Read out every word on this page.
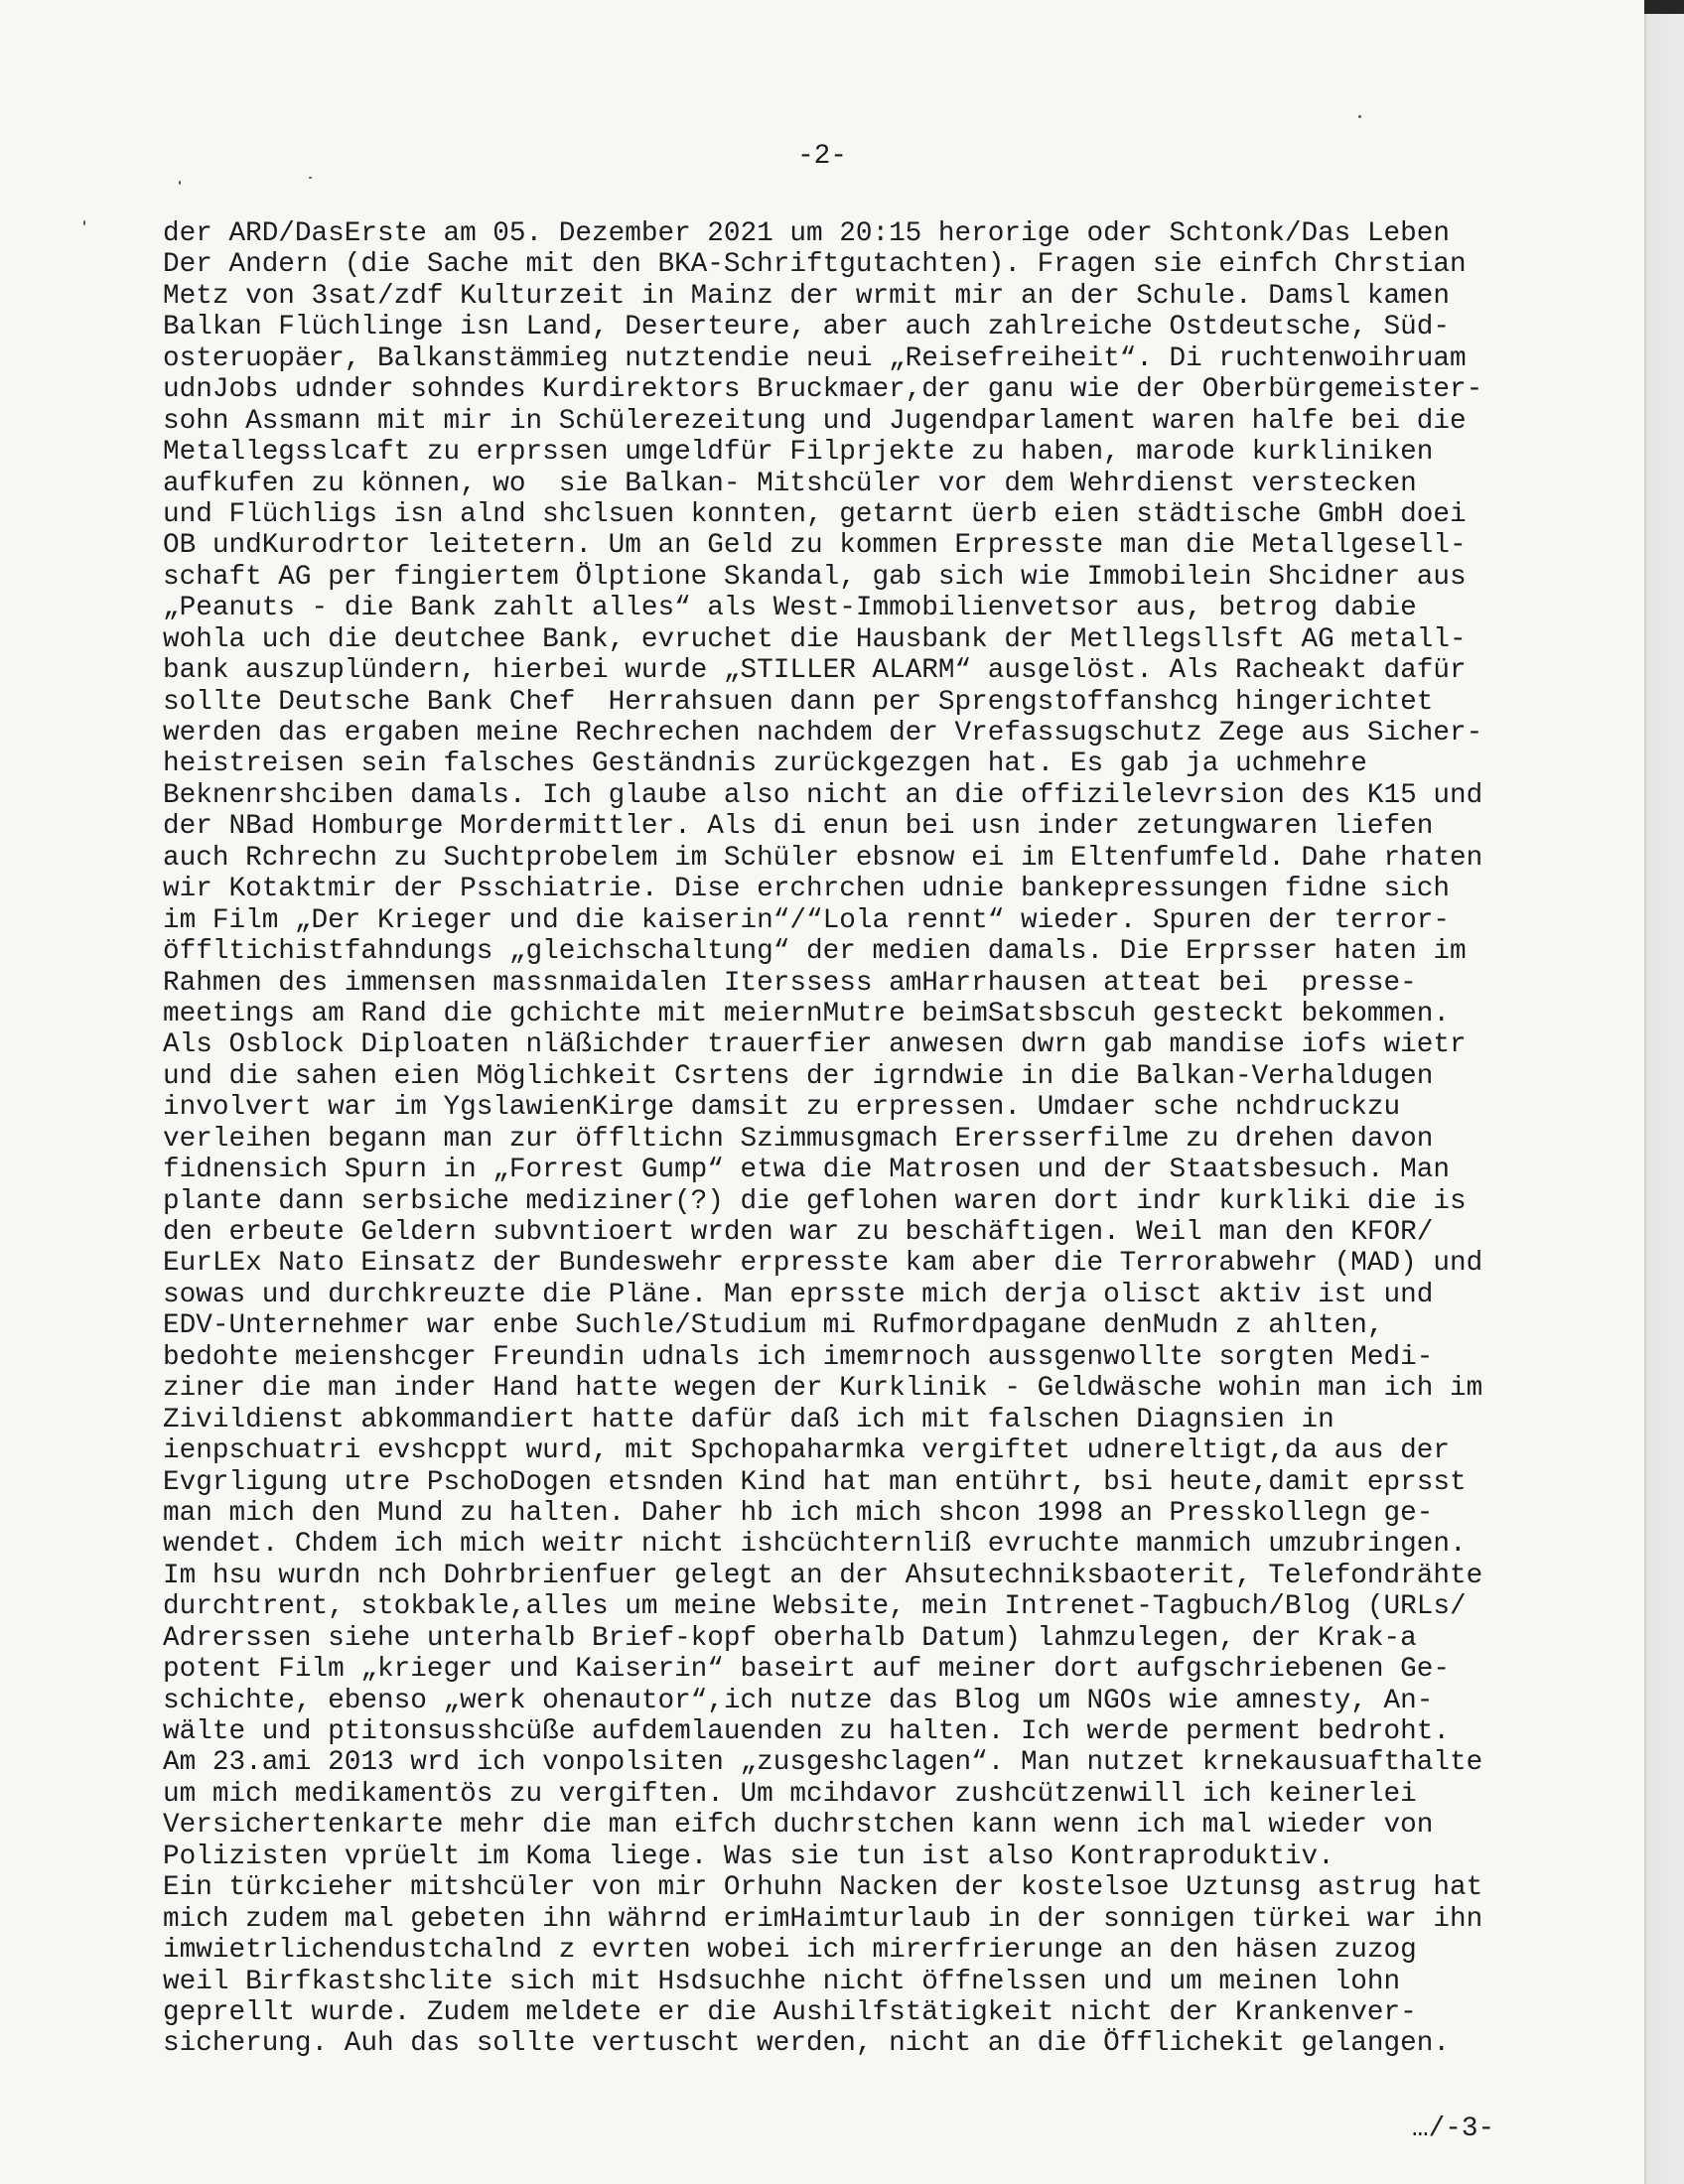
-2-
der ARD/DasErste am 05. Dezember 2021 um 20:15 herorige oder Schtonk/Das Leben
Der Andern (die Sache mit den BKA-Schriftgutachten). Fragen sie einfch Chrstian
Metz von 3sat/zdf Kulturzeit in Mainz der wrmit mir an der Schule. Damsl kamen
Balkan Flüchlinge isn Land, Deserteure, aber auch zahlreiche Ostdeutsche, Süd-
osteruopäer, Balkanstämmieg nutztendie neui „Reisefreiheit“. Di ruchtenwoihruam
udnJobs udnder sohndes Kurdirektors Bruckmaer,der ganu wie der Oberbürgemeister-
sohn Assmann mit mir in Schülerezeitung und Jugendparlament waren halfe bei die
Metallegsslcaft zu erprssen umgeldfür Filprjekte zu haben, marode kurkliniken
aufkufen zu können, wo  sie Balkan- Mitshcüler vor dem Wehrdienst verstecken
und Flüchligs isn alnd shclsuen konnten, getarnt üerb eien städtische GmbH doei
OB undKurodrtor leitetern. Um an Geld zu kommen Erpresste man die Metallgesell-
schaft AG per fingiertem Ölptione Skandal, gab sich wie Immobilein Shcidner aus
„Peanuts - die Bank zahlt alles“ als West-Immobilienvetsor aus, betrog dabie
wohla uch die deutchee Bank, evruchet die Hausbank der Metllegsllsft AG metall-
bank auszuplündern, hierbei wurde „STILLER ALARM“ ausgelöst. Als Racheakt dafür
sollte Deutsche Bank Chef  Herrahsuen dann per Sprengstoffanshcg hingerichtet
werden das ergaben meine Rechrechen nachdem der Vrefassugschutz Zege aus Sicher-
heistreisen sein falsches Geständnis zurückgezgen hat. Es gab ja uchmehre
Beknenrshciben damals. Ich glaube also nicht an die offizilelevrsion des K15 und
der NBad Homburge Mordermittler. Als di enun bei usn inder zetungwaren liefen
auch Rchrechn zu Suchtprobelem im Schüler ebsnow ei im Eltenfumfeld. Dahe rhaten
wir Kotaktmir der Psschiatrie. Dise erchrchen udnie bankepressungen fidne sich
im Film „Der Krieger und die kaiserin“/“Lola rennt“ wieder. Spuren der terror-
öffltichistfahndungs „gleichschaltung“ der medien damals. Die Erprsser haten im
Rahmen des immensen massnmaidalen Iterssess amHarrhausen atteat bei  presse-
meetings am Rand die gchichte mit meiernMutre beimSatsbscuh gesteckt bekommen.
Als Osblock Diploaten nläßichder trauerfier anwesen dwrn gab mandise iofs wietr
und die sahen eien Möglichkeit Csrtens der igrndwie in die Balkan-Verhaldugen
involvert war im YgslawienKirge damsit zu erpressen. Umdaer sche nchdruckzu
verleihen begann man zur öffltichn Szimmusgmach Erersserfilme zu drehen davon
fidnensich Spurn in „Forrest Gump“ etwa die Matrosen und der Staatsbesuch. Man
plante dann serbsiche mediziner(?) die geflohen waren dort indr kurkliki die is
den erbeute Geldern subvntioert wrden war zu beschäftigen. Weil man den KFOR/
EurLEx Nato Einsatz der Bundeswehr erpresste kam aber die Terrorabwehr (MAD) und
sowas und durchkreuzte die Pläne. Man eprsste mich derja olisct aktiv ist und
EDV-Unternehmer war enbe Suchle/Studium mi Rufmordpagane denMudn z ahlten,
bedohte meienshcger Freundin udnals ich imemrnoch aussgenwollte sorgten Medi-
ziner die man inder Hand hatte wegen der Kurklinik - Geldwäsche wohin man ich im
Zivildienst abkommandiert hatte dafür daß ich mit falschen Diagnsien in
ienpschuatri evshcppt wurd, mit Spchopaharmka vergiftet udnereltigt,da aus der
Evgrligung utre PschoDogen etsnden Kind hat man entührt, bsi heute,damit eprsst
man mich den Mund zu halten. Daher hb ich mich shcon 1998 an Presskollegn ge-
wendet. Chdem ich mich weitr nicht ishcüchternliß evruchte manmich umzubringen.
Im hsu wurdn nch Dohrbrienfuer gelegt an der Ahsutechniksbaoterit, Telefondrähte
durchtrent, stokbakle,alles um meine Website, mein Intrenet-Tagbuch/Blog (URLs/
Adrerssen siehe unterhalb Brief-kopf oberhalb Datum) lahmzulegen, der Krak-a
potent Film „krieger und Kaiserin“ baseirt auf meiner dort aufgschriebenen Ge-
schichte, ebenso „werk ohenautor“,ich nutze das Blog um NGOs wie amnesty, An-
wälte und ptitonsusshcüße aufdemlauenden zu halten. Ich werde perment bedroht.
Am 23.ami 2013 wrd ich vonpolsiten „zusgeshclagen“. Man nutzet krnekausuafthalte
um mich medikamentös zu vergiften. Um mcihdavor zushcützenwill ich keinerlei
Versichertenkarte mehr die man eifch duchrstchen kann wenn ich mal wieder von
Polizisten vprüelt im Koma liege. Was sie tun ist also Kontraproduktiv.
Ein türkcieher mitshcüler von mir Orhuhn Nacken der kostelsoe Uztunsg astrug hat
mich zudem mal gebeten ihn währnd erimHaimturlaub in der sonnigen türkei war ihn
imwietrlichendustchalnd z evrten wobei ich mirerfrierunge an den häsen zuzog
weil Birfkastshclite sich mit Hsdsuchhe nicht öffnelssen und um meinen lohn
geprellt wurde. Zudem meldete er die Aushilfstätigkeit nicht der Krankenver-
sicherung. Auh das sollte vertuscht werden, nicht an die Öfflichekit gelangen.
…/-3-
